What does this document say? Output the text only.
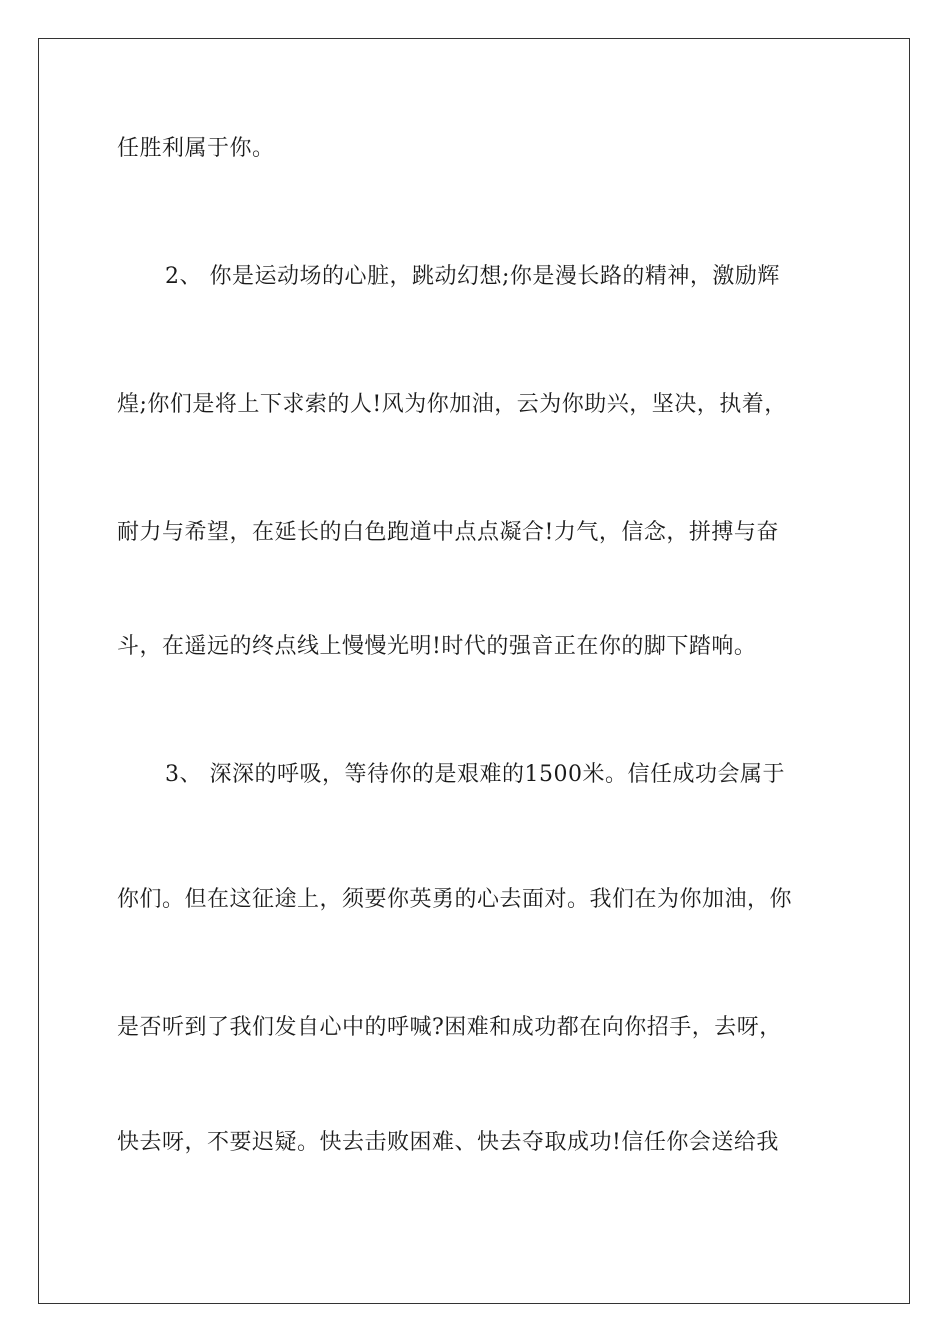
任胜利属于你。
2、 你是运动场的心脏，跳动幻想;你是漫长路的精神，激励辉
煌;你们是将上下求索的人!风为你加油，云为你助兴，坚决，执着，
耐力与希望，在延长的白色跑道中点点凝合!力气，信念，拼搏与奋
斗，在遥远的终点线上慢慢光明!时代的强音正在你的脚下踏响。
3、 深深的呼吸，等待你的是艰难的1500米。信任成功会属于
你们。但在这征途上，须要你英勇的心去面对。我们在为你加油，你
是否听到了我们发自心中的呼喊?困难和成功都在向你招手，去呀，
快去呀，不要迟疑。快去击败困难、快去夺取成功!信任你会送给我
